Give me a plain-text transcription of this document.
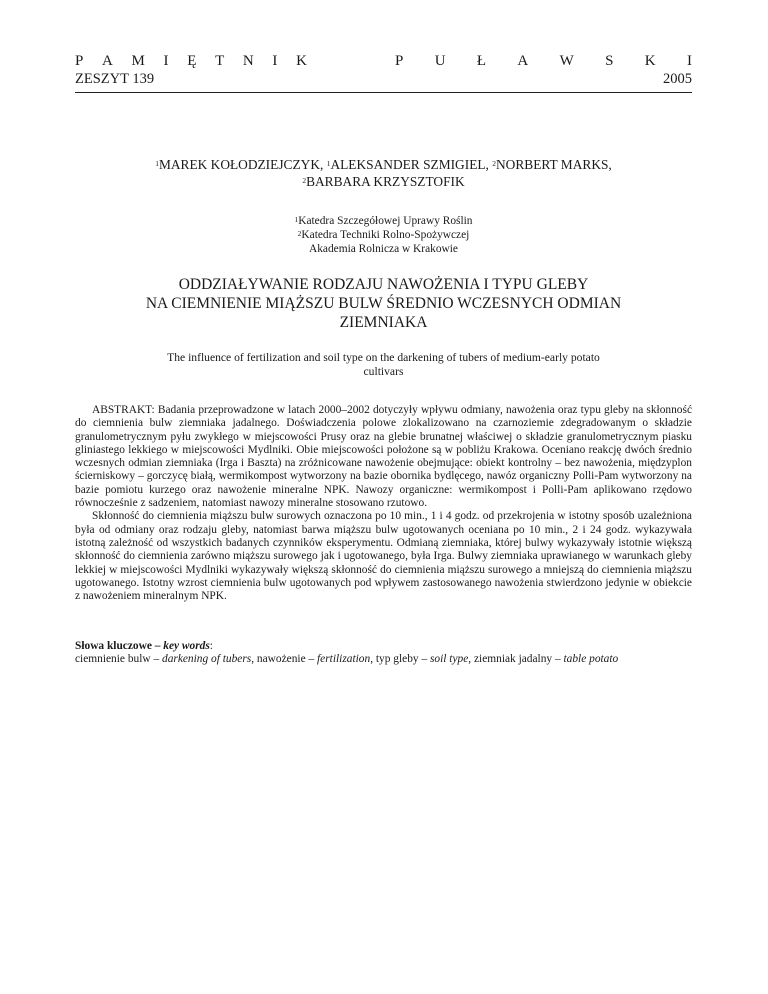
P A M I Ę T N I K	P U Ł A W S K I
ZESZYT 139	2005
$^1$MAREK KOŁODZIEJCZYK, $^1$ALEKSANDER SZMIGIEL, $^2$NORBERT MARKS,
$^2$BARBARA KRZYSZTOFIK
$^1$Katedra Szczegółowej Uprawy Roślin
$^2$Katedra Techniki Rolno-Spożywczej
Akademia Rolnicza w Krakowie
ODDZIAŁYWANIE RODZAJU NAWOŻENIA I TYPU GLEBY
NA CIEMNIENIE MIĄŻSZU BULW ŚREDNIO WCZESNYCH ODMIAN
ZIEMNIAKA
The influence of fertilization and soil type on the darkening of tubers of medium-early potato
cultivars

ABSTRAKT: Badania przeprowadzone w latach 2000–2002 dotyczyły wpływu odmiany, nawożenia oraz typu gleby na skłonność do ciemnienia bulw ziemniaka jadalnego. Doświadczenia polowe zlokalizowano na czarnoziemie zdegradowanym o składzie granulometrycznym pyłu zwykłego w miejscowości Prusy oraz na glebie brunatnej właściwej o składzie granulometrycznym piasku gliniastego lekkiego w miejscowości Mydlniki. Obie miejscowości położone są w pobliżu Krakowa. Oceniano reakcję dwóch średnio wczesnych odmian ziemniaka (Irga i Baszta) na zróżnicowane nawożenie obejmujące: obiekt kontrolny – bez nawożenia, międzyplon ścierniskowy – gorczycę białą, wermikompost wytworzony na bazie obornika bydlęcego, nawóz organiczny Polli-Pam wytworzony na bazie pomiotu kurzego oraz nawożenie mineralne NPK. Nawozy organiczne: wermikompost i Polli-Pam aplikowano rzędowo równocześnie z sadzeniem, natomiast nawozy mineralne stosowano rzutowo.

Skłonność do ciemnienia miąższu bulw surowych oznaczona po 10 min., 1 i 4 godz. od przekrojenia w istotny sposób uzależniona była od odmiany oraz rodzaju gleby, natomiast barwa miąższu bulw ugotowanych oceniana po 10 min., 2 i 24 godz. wykazywała istotną zależność od wszystkich badanych czynników eksperymentu. Odmianą ziemniaka, której bulwy wykazywały istotnie większą skłonność do ciemnienia zarówno miąższu surowego jak i ugotowanego, była Irga. Bulwy ziemniaka uprawianego w warunkach gleby lekkiej w miejscowości Mydlniki wykazywały większą skłonność do ciemnienia miąższu surowego a mniejszą do ciemnienia miąższu ugotowanego. Istotny wzrost ciemnienia bulw ugotowanych pod wpływem zastosowanego nawożenia stwierdzono jedynie w obiekcie z nawożeniem mineralnym NPK.

Słowa kluczowe – key words:

ciemnienie bulw – darkening of tubers, nawożenie – fertilization, typ gleby – soil type, ziemniak jadalny – table potato
